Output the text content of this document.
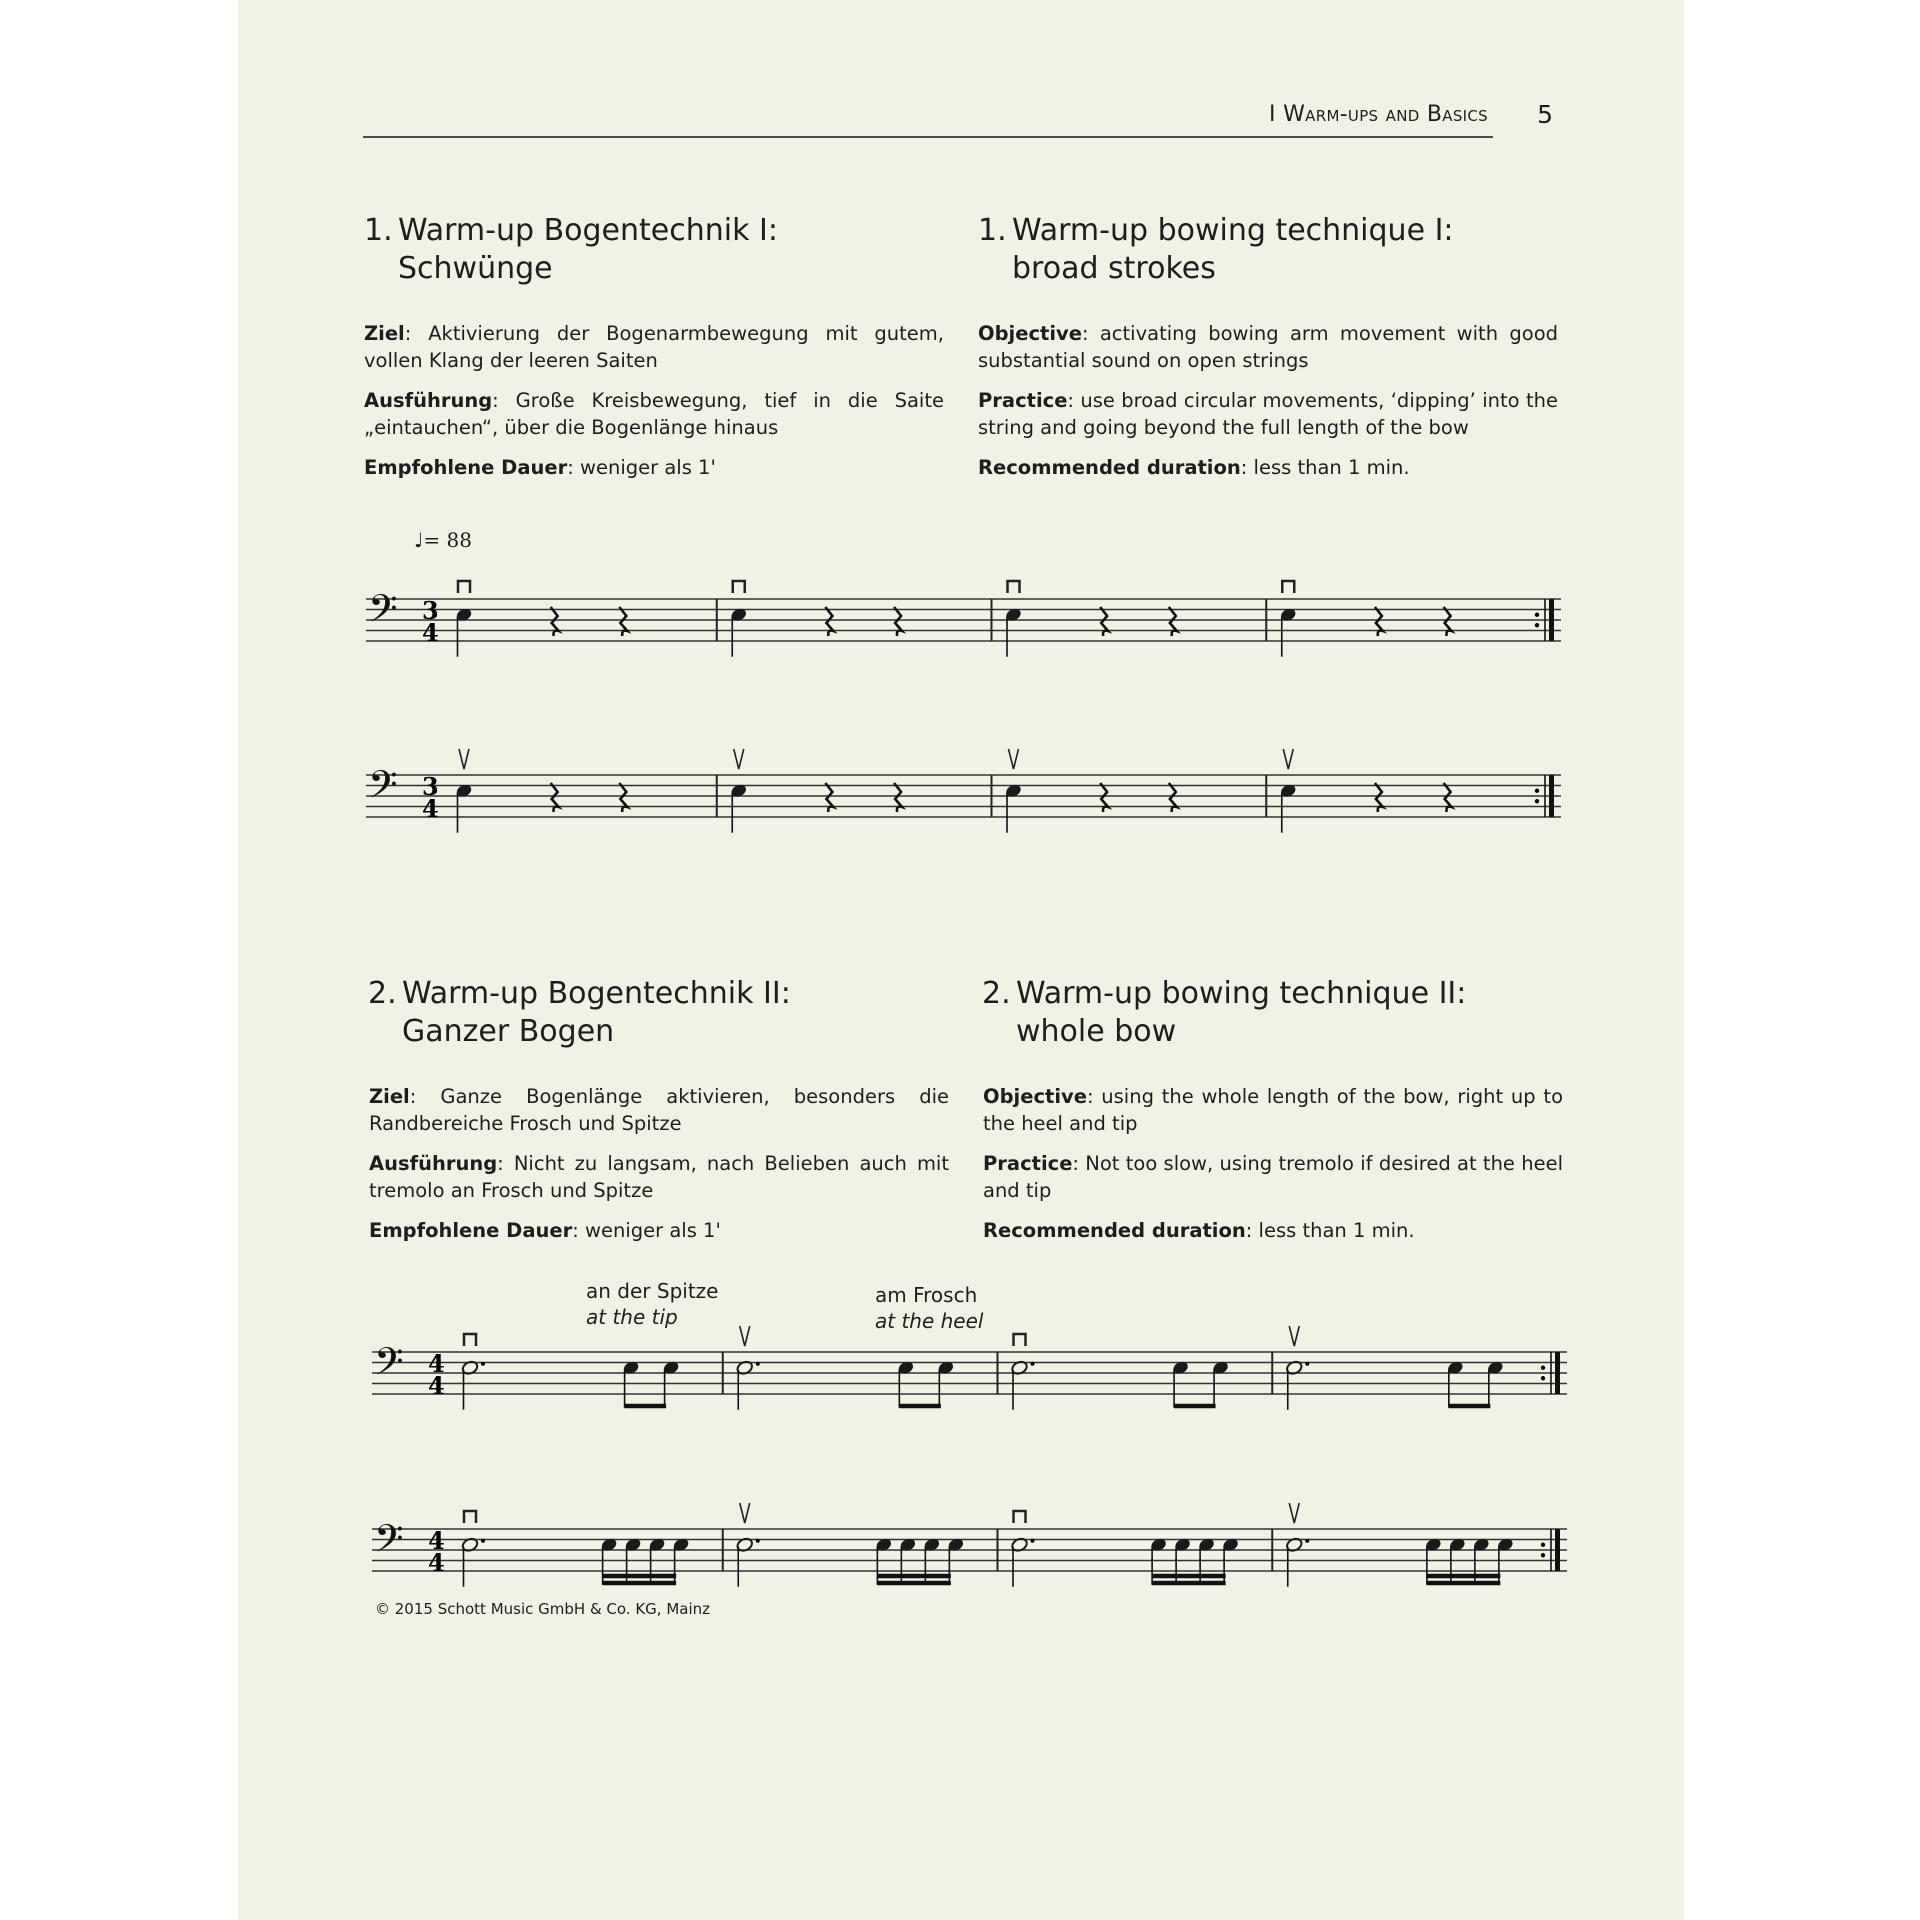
I Warm-ups and Basics 5
1. Warm-up Bogentechnik I:
Schwünge
1. Warm-up bowing technique I:
broad strokes

Ziel: Aktivierung der Bogenarmbewegung mit gutem, vollen Klang der leeren Saiten

Ausführung: Große Kreisbewegung, tief in die Saite „eintauchen“, über die Bogenlänge hinaus

Empfohlene Dauer: weniger als 1'

Objective: activating bowing arm movement with good substantial sound on open strings

Practice: use broad circular movements, ‘dipping’ into the string and going beyond the full length of the bow

Recommended duration: less than 1 min.

♩= 88
𝄢 3
4
𝄢 3
4
2. Warm-up Bogentechnik II:
Ganzer Bogen
2. Warm-up bowing technique II:
whole bow

Ziel: Ganze Bogenlänge aktivieren, besonders die Randbereiche Frosch und Spitze

Ausführung: Nicht zu langsam, nach Belieben auch mit tremolo an Frosch und Spitze

Empfohlene Dauer: weniger als 1'

Objective: using the whole length of the bow, right up to the heel and tip

Practice: Not too slow, using tremolo if desired at the heel and tip

Recommended duration: less than 1 min.

an der Spitze
at the tip
am Frosch
at the heel
𝄢 4
4
𝄢 4
4
© 2015 Schott Music GmbH & Co. KG, Mainz
